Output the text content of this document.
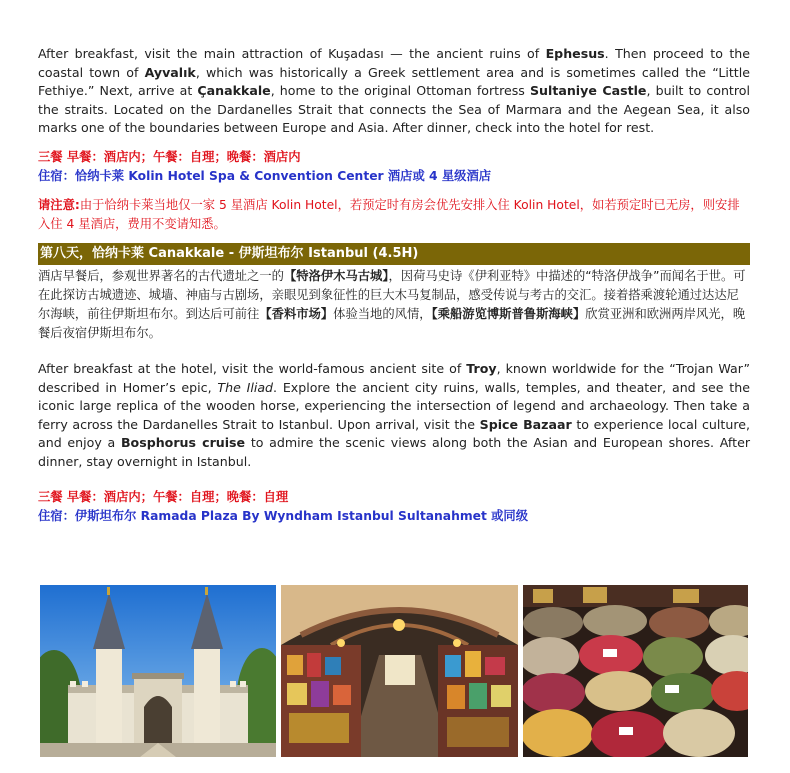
After breakfast, visit the main attraction of Kuşadası — the ancient ruins of Ephesus. Then proceed to the coastal town of Ayvalık, which was historically a Greek settlement area and is sometimes called the “Little Fethiye.” Next, arrive at Çanakkale, home to the original Ottoman fortress Sultaniye Castle, built to control the straits. Located on the Dardanelles Strait that connects the Sea of Marmara and the Aegean Sea, it also marks one of the boundaries between Europe and Asia. After dinner, check into the hotel for rest.

三餐 早餐：酒店内；午餐：自理；晚餐：酒店内

住宿：恰纳卡莱 Kolin Hotel Spa & Convention Center 酒店或 4 星级酒店

请注意:由于恰纳卡莱当地仅一家 5 星酒店 Kolin Hotel，若预定时有房会优先安排入住 Kolin Hotel，如若预定时已无房，则安排入住 4 星酒店，费用不变请知悉。

第八天，恰纳卡莱 Canakkale - 伊斯坦布尔 Istanbul (4.5H)

酒店早餐后，参观世界著名的古代遗址之一的【特洛伊木马古城】，因荷马史诗《伊利亚特》中描述的“特洛伊战争”而闻名于世。可在此探访古城遗迹、城墙、神庙与古剧场，亲眼见到象征性的巨大木马复制品，感受传说与考古的交汇。接着搭乘渡轮通过达达尼尔海峡，前往伊斯坦布尔。到达后可前往【香料市场】体验当地的风情，【乘船游览博斯普鲁斯海峡】欣赏亚洲和欧洲两岸风光，晚餐后夜宿伊斯坦布尔。

After breakfast at the hotel, visit the world-famous ancient site of Troy, known worldwide for the “Trojan War” described in Homer’s epic, The Iliad. Explore the ancient city ruins, walls, temples, and theater, and see the iconic large replica of the wooden horse, experiencing the intersection of legend and archaeology. Then take a ferry across the Dardanelles Strait to Istanbul. Upon arrival, visit the Spice Bazaar to experience local culture, and enjoy a Bosphorus cruise to admire the scenic views along both the Asian and European shores. After dinner, stay overnight in Istanbul.

三餐 早餐：酒店内；午餐：自理；晚餐：自理

住宿：伊斯坦布尔 Ramada Plaza By Wyndham Istanbul Sultanahmet 或同级
